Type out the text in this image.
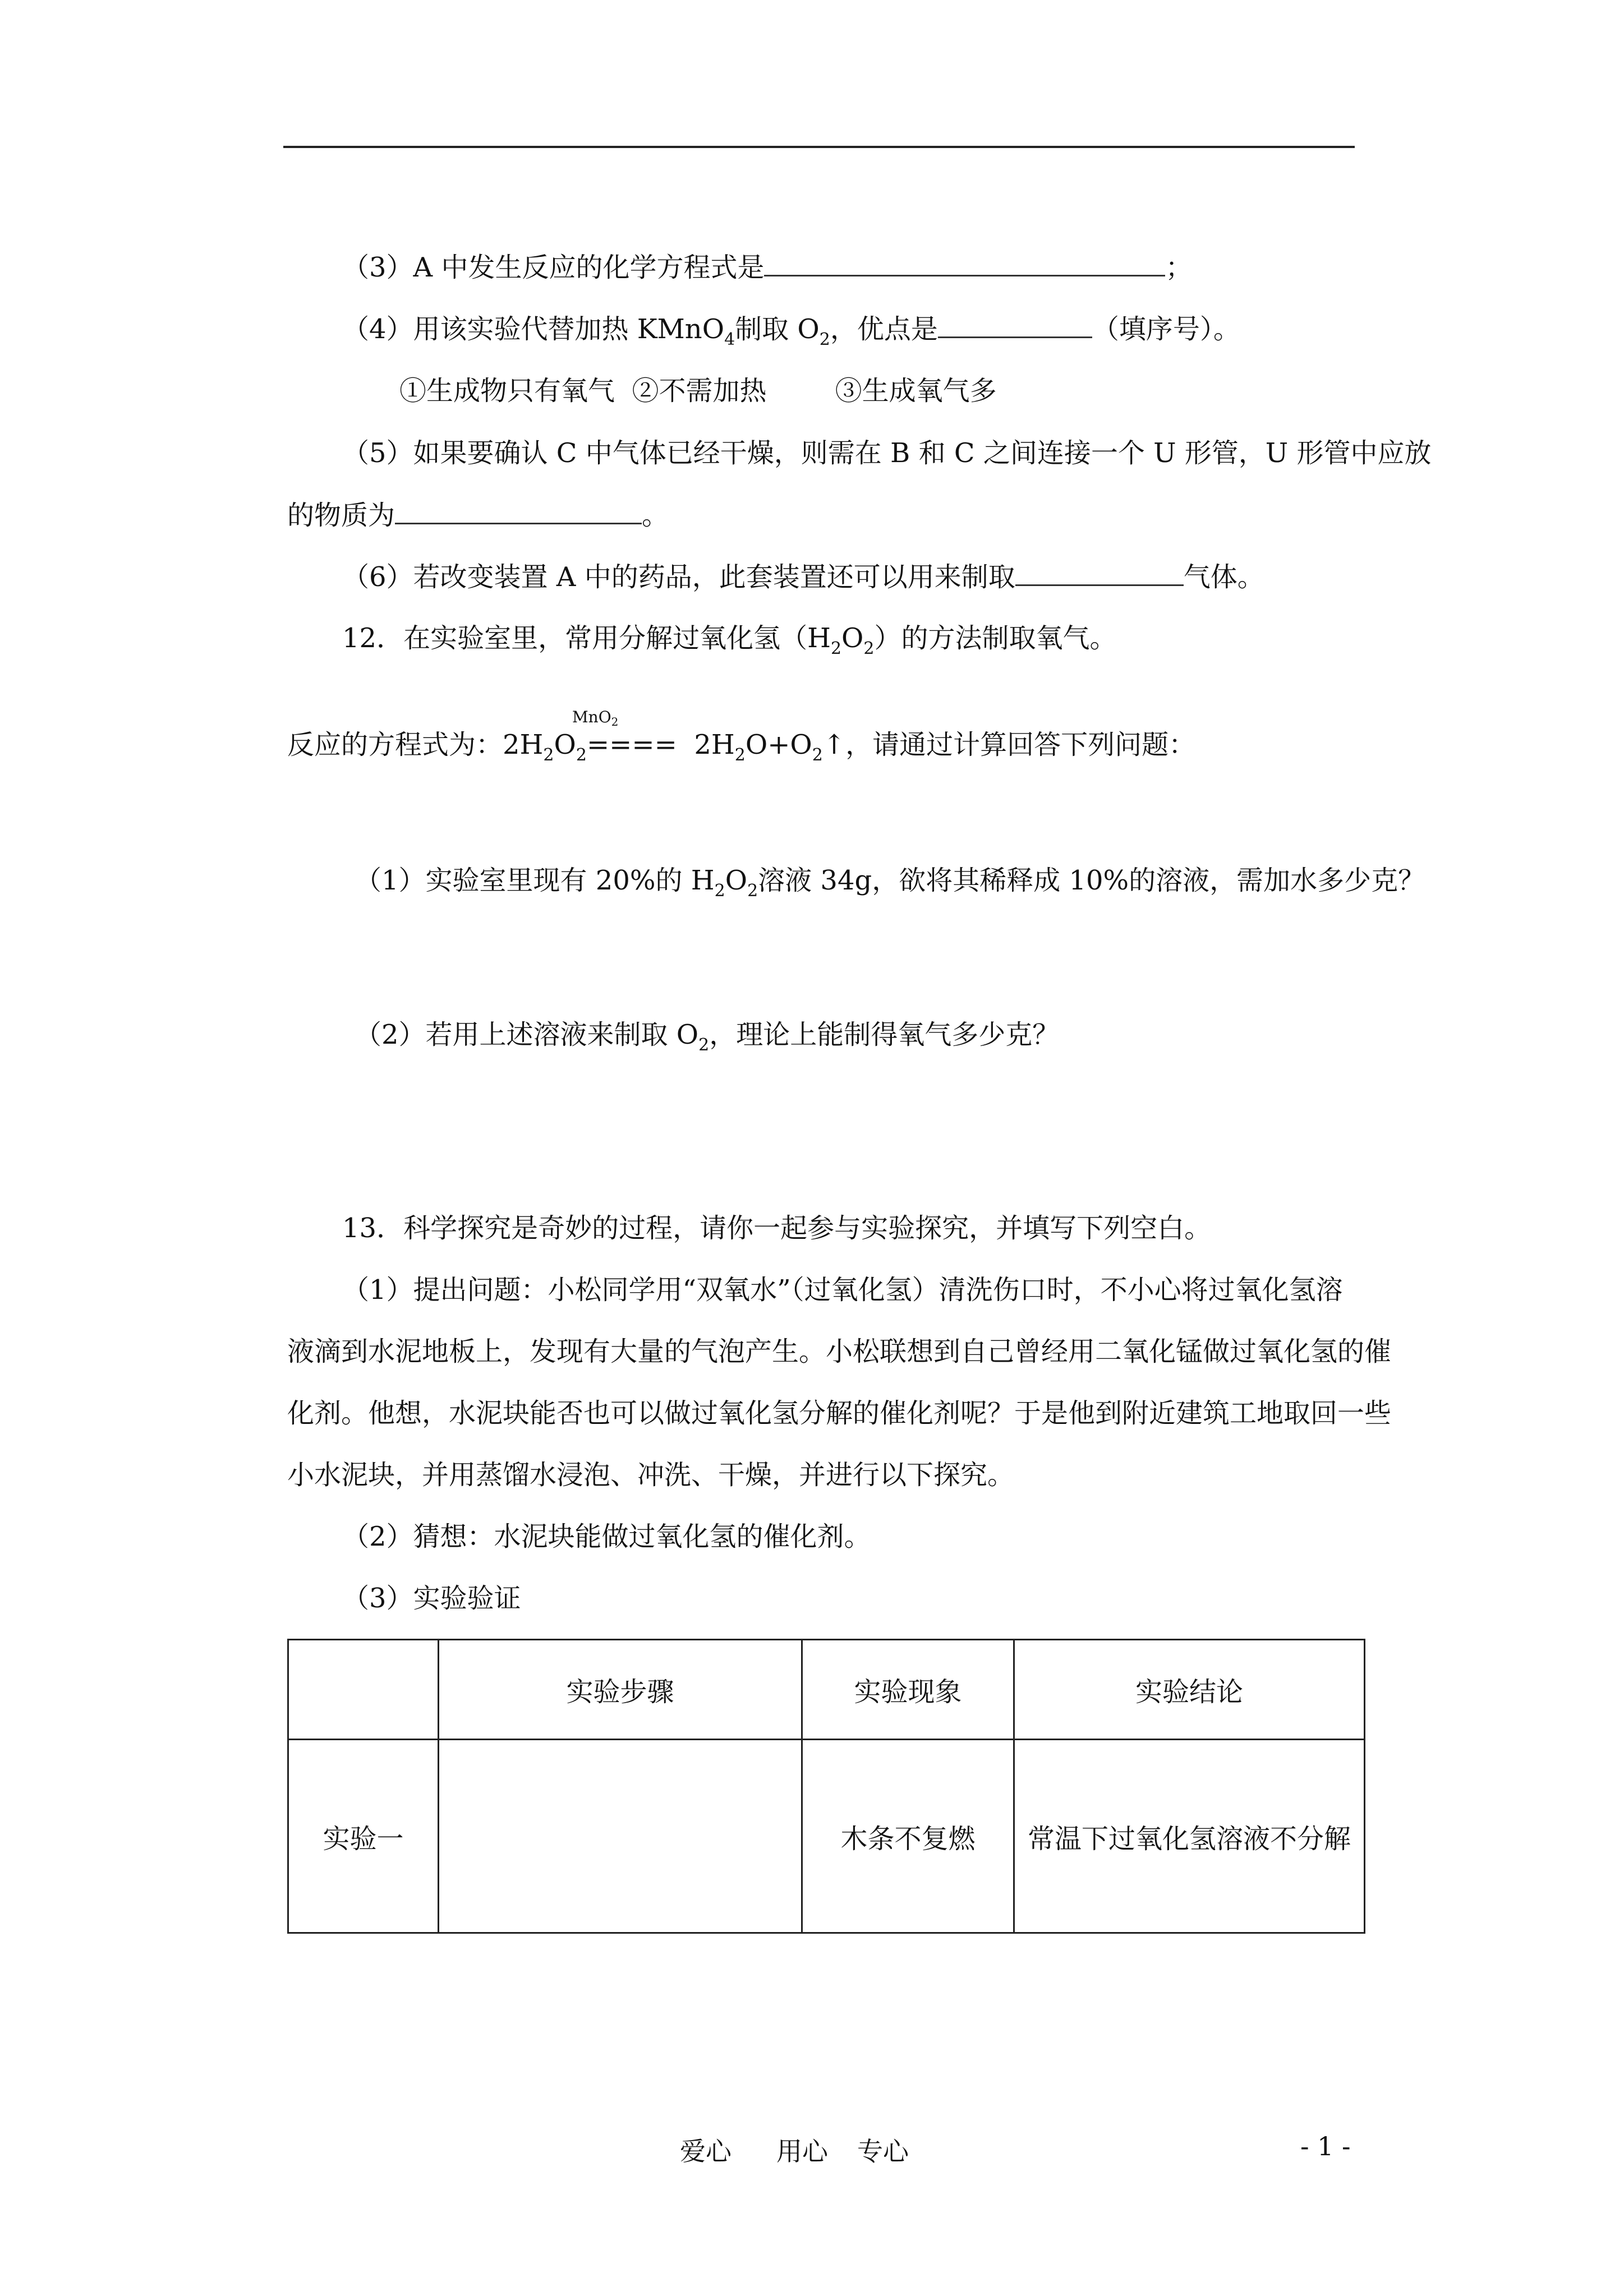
（3）A 中发生反应的化学方程式是	；
（4）用该实验代替加热 KMnO$_4$制取 $O_2$，优点是	（填序号）。
①生成物只有氧气  ②不需加热        ③生成氧气多
（5）如果要确认 C 中气体已经干燥，则需在 B 和 C 之间连接一个 U 形管，U 形管中应放
的物质为	。
（6）若改变装置 A 中的药品，此套装置还可以用来制取	气体。
12．在实验室里，常用分解过氧化氢$(H_2O_2)$的方法制取氧气。
MnO$_2$
反应的方程式为：$2H_2O_2====$  $2H_2O+O_2↑$，请通过计算回答下列问题：
（1）实验室里现有 20%的 $H_2O_2$溶液 34g，欲将其稀释成 10%的溶液，需加水多少克？
（2）若用上述溶液来制取 $O_2$，理论上能制得氧气多少克？
13．科学探究是奇妙的过程，请你一起参与实验探究，并填写下列空白。
（1）提出问题：小松同学用“双氧水”（过氧化氢）清洗伤口时，不小心将过氧化氢溶
液滴到水泥地板上，发现有大量的气泡产生。小松联想到自己曾经用二氧化锰做过氧化氢的催
化剂。他想，水泥块能否也可以做过氧化氢分解的催化剂呢？于是他到附近建筑工地取回一些
小水泥块，并用蒸馏水浸泡、冲洗、干燥，并进行以下探究。
（2）猜想：水泥块能做过氧化氢的催化剂。
（3）实验验证
	实验步骤	实验现象	实验结论
实验一		木条不复燃	常温下过氧化氢溶液不分解
爱心 用心 专心	- 1 -
